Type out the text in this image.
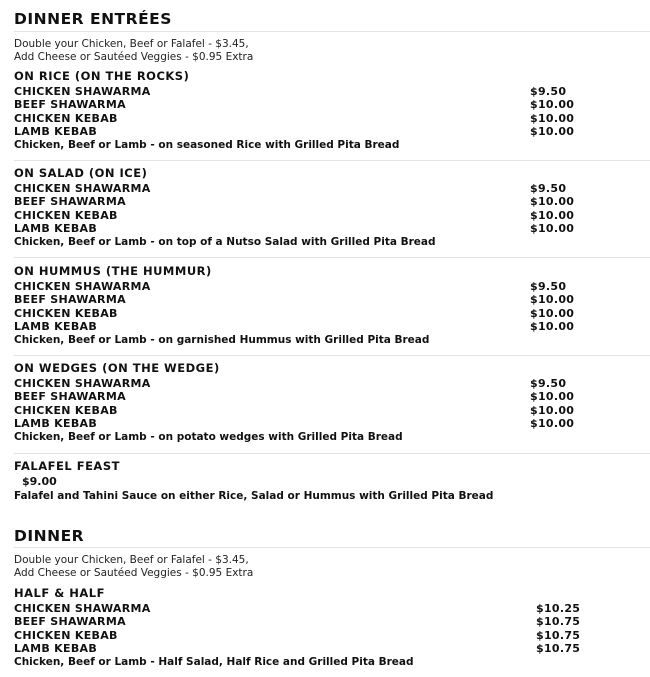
DINNER ENTRÉES
Double your Chicken, Beef or Falafel - $3.45,
Add Cheese or Sautéed Veggies - $0.95 Extra
ON RICE (ON THE ROCKS)
CHICKEN SHAWARMA	$9.50
BEEF SHAWARMA	$10.00
CHICKEN KEBAB	$10.00
LAMB KEBAB	$10.00
Chicken, Beef or Lamb - on seasoned Rice with Grilled Pita Bread
ON SALAD (ON ICE)
CHICKEN SHAWARMA	$9.50
BEEF SHAWARMA	$10.00
CHICKEN KEBAB	$10.00
LAMB KEBAB	$10.00
Chicken, Beef or Lamb - on top of a Nutso Salad with Grilled Pita Bread
ON HUMMUS (THE HUMMUR)
CHICKEN SHAWARMA	$9.50
BEEF SHAWARMA	$10.00
CHICKEN KEBAB	$10.00
LAMB KEBAB	$10.00
Chicken, Beef or Lamb - on garnished Hummus with Grilled Pita Bread
ON WEDGES (ON THE WEDGE)
CHICKEN SHAWARMA	$9.50
BEEF SHAWARMA	$10.00
CHICKEN KEBAB	$10.00
LAMB KEBAB	$10.00
Chicken, Beef or Lamb - on potato wedges with Grilled Pita Bread
FALAFEL FEAST
$9.00
Falafel and Tahini Sauce on either Rice, Salad or Hummus with Grilled Pita Bread
DINNER
Double your Chicken, Beef or Falafel - $3.45,
Add Cheese or Sautéed Veggies - $0.95 Extra
HALF & HALF
CHICKEN SHAWARMA	$10.25
BEEF SHAWARMA	$10.75
CHICKEN KEBAB	$10.75
LAMB KEBAB	$10.75
Chicken, Beef or Lamb - Half Salad, Half Rice and Grilled Pita Bread
